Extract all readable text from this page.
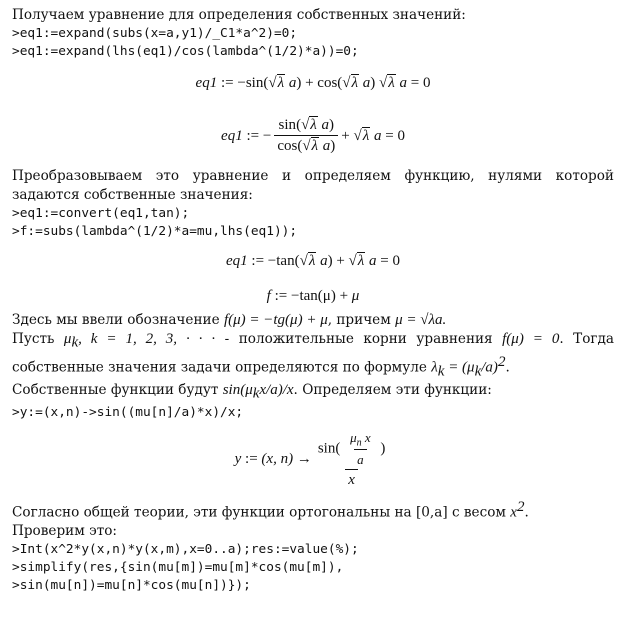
Получаем уравнение для определения собственных значений:

>eq1:=expand(subs(x=a,y1)/_C1*a^2)=0;
>eq1:=expand(lhs(eq1)/cos(lambda^(1/2)*a))=0;
eq1
:=
− sin ( √ λ
a )
+
cos ( √ λ
a )
√ λ
a
= 0
eq1
:=
− $\frac{\text{sin(√λ a)}}{\text{cos(√λ a)}}$ +
√ λ
a
= 0

Преобразовываем это уравнение и определяем функцию, нулями которой задаются собственные значения:

>eq1:=convert(eq1,tan);
>f:=subs(lambda^(1/2)*a=mu,lhs(eq1));
eq1
:=
− tan ( √ λ
a )
+
√ λ
a
= 0
f
:=
− tan(μ)
+
μ

Здесь мы ввели обозначение f(μ) = −tg(μ) + μ, причем μ = √λa.

Пусть $\mu_k$, k = 1, 2, 3, · · · - положительные корни уравнения f(μ) = 0. Тогда собственные значения задачи определяются по формуле $\lambda_k = (\mu_k/a)^2$.

Собственные функции будут $\sin(\mu_kx/a)/x$. Определяем эти функции:

>y:=(x,n)->sin((mu[n]/a)*x)/x;
y
:=
(x, n)
→ $\frac{\sin( \frac{\mu_n x}{a} )}{x}$

Согласно общей теории, эти функции ортогональны на [0,a] с весом $x^2$.

Проверим это:

>Int(x^2*y(x,n)*y(x,m),x=0..a);res:=value(%);
>simplify(res,{sin(mu[m])=mu[m]*cos(mu[m]),
>sin(mu[n])=mu[n]*cos(mu[n])});
